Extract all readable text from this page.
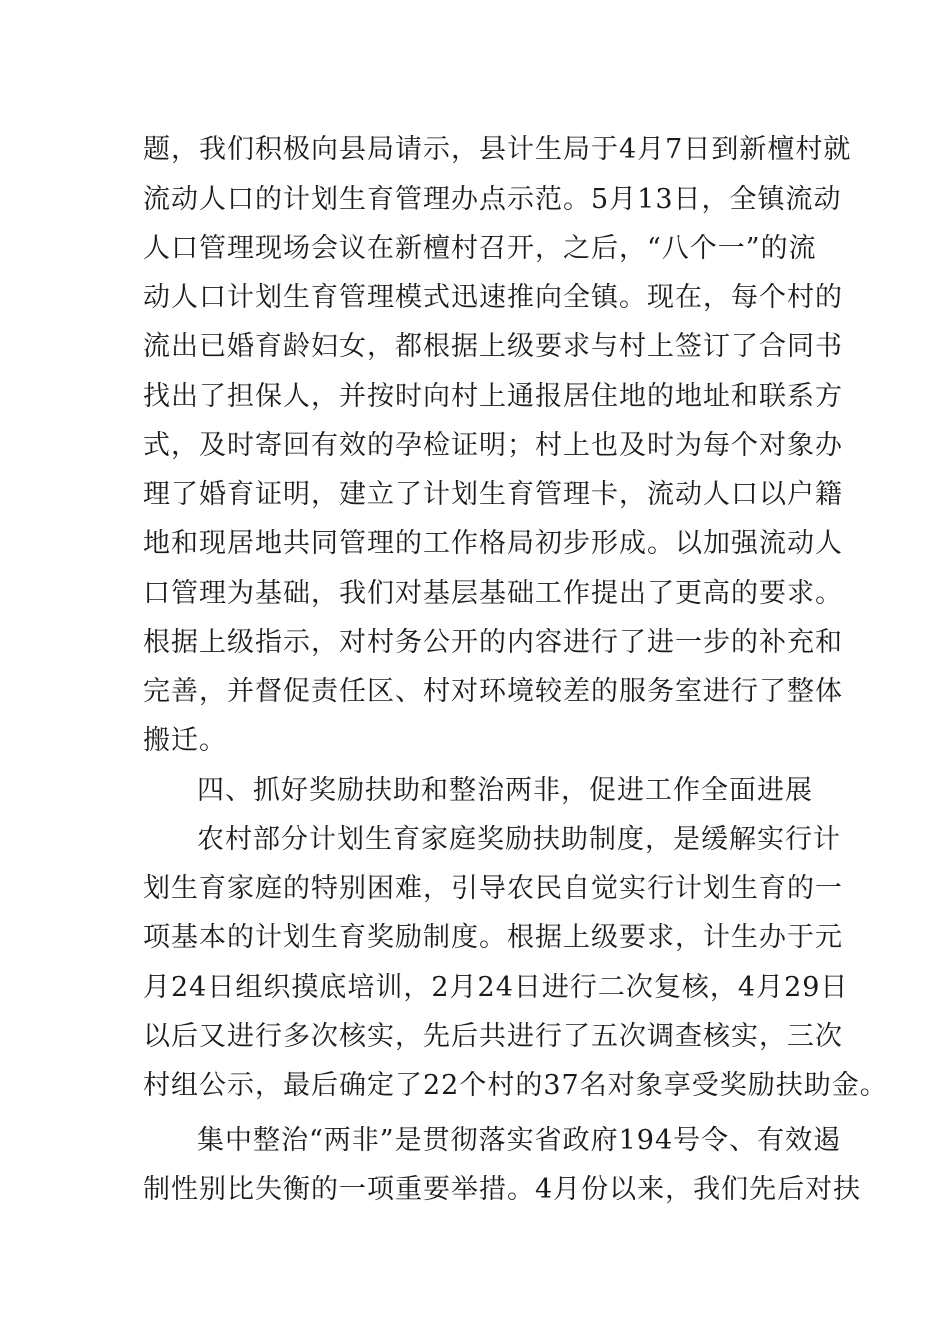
题，我们积极向县局请示，县计生局于4月7日到新檀村就
流动人口的计划生育管理办点示范。5月13日，全镇流动
人口管理现场会议在新檀村召开，之后，“八个一”的流
动人口计划生育管理模式迅速推向全镇。现在，每个村的
流出已婚育龄妇女，都根据上级要求与村上签订了合同书
找出了担保人，并按时向村上通报居住地的地址和联系方
式，及时寄回有效的孕检证明；村上也及时为每个对象办
理了婚育证明，建立了计划生育管理卡，流动人口以户籍
地和现居地共同管理的工作格局初步形成。以加强流动人
口管理为基础，我们对基层基础工作提出了更高的要求。
根据上级指示，对村务公开的内容进行了进一步的补充和
完善，并督促责任区、村对环境较差的服务室进行了整体
搬迁。
四、抓好奖励扶助和整治两非，促进工作全面进展
农村部分计划生育家庭奖励扶助制度，是缓解实行计
划生育家庭的特别困难，引导农民自觉实行计划生育的一
项基本的计划生育奖励制度。根据上级要求，计生办于元
月24日组织摸底培训，2月24日进行二次复核，4月29日
以后又进行多次核实，先后共进行了五次调查核实，三次
村组公示，最后确定了22个村的37名对象享受奖励扶助金。
集中整治“两非”是贯彻落实省政府194号令、有效遏
制性别比失衡的一项重要举措。4月份以来，我们先后对扶
